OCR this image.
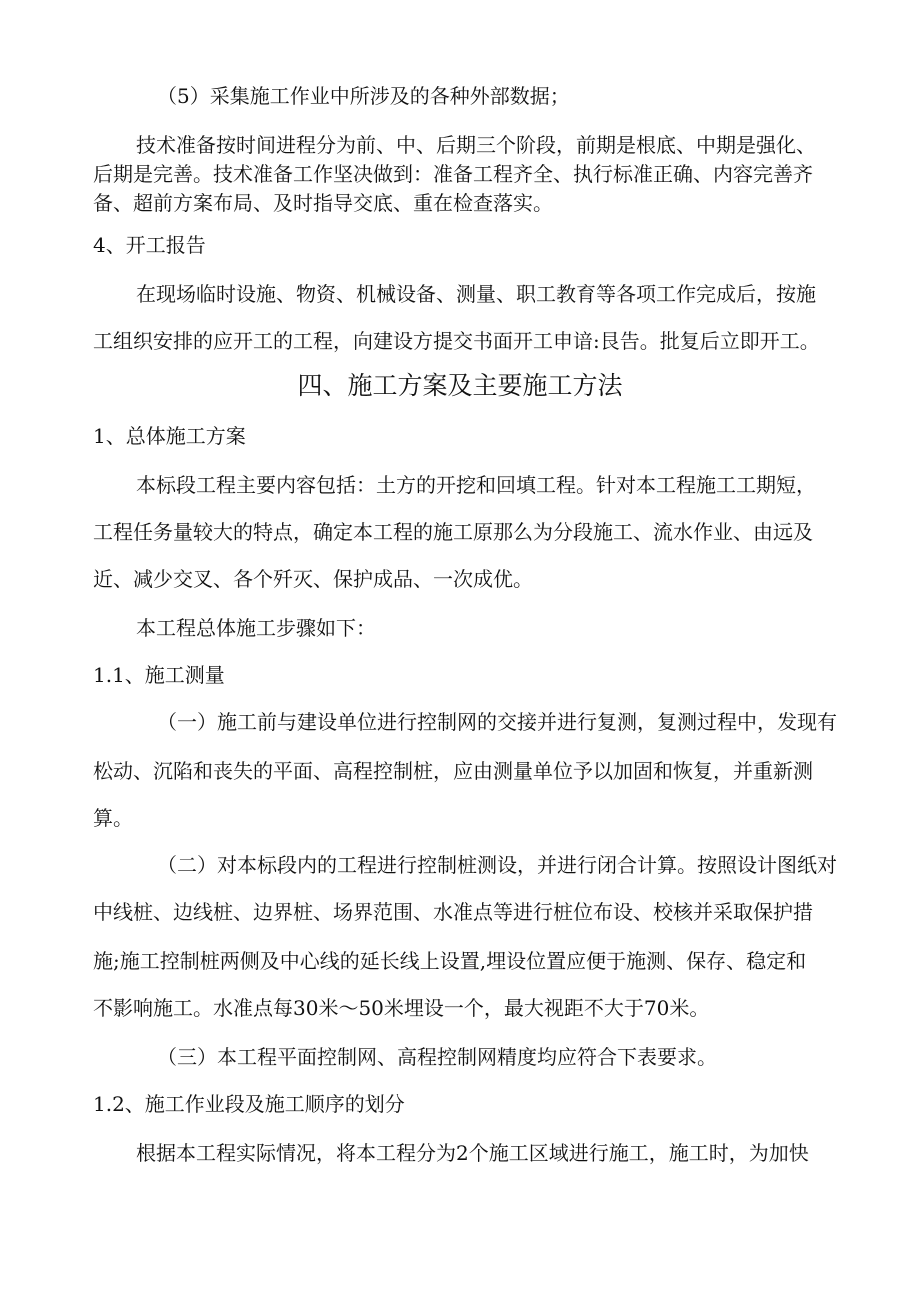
（5）采集施工作业中所涉及的各种外部数据；
技术准备按时间进程分为前、中、后期三个阶段，前期是根底、中期是强化、
后期是完善。技术准备工作坚决做到：准备工程齐全、执行标准正确、内容完善齐
备、超前方案布局、及时指导交底、重在检查落实。
4、开工报告
在现场临时设施、物资、机械设备、测量、职工教育等各项工作完成后，按施
工组织安排的应开工的工程，向建设方提交书面开工申谙:艮告。批复后立即开工。
四、施工方案及主要施工方法
1、总体施工方案
本标段工程主要内容包括：土方的开挖和回填工程。针对本工程施工工期短，
工程任务量较大的特点，确定本工程的施工原那么为分段施工、流水作业、由远及
近、减少交叉、各个歼灭、保护成品、一次成优。
本工程总体施工步骤如下：
1.1、施工测量
（一）施工前与建设单位进行控制网的交接并进行复测，复测过程中，发现有
松动、沉陷和丧失的平面、高程控制桩，应由测量单位予以加固和恢复，并重新测
算。
（二）对本标段内的工程进行控制桩测设，并进行闭合计算。按照设计图纸对
中线桩、边线桩、边界桩、场界范围、水准点等进行桩位布设、校核并采取保护措
施;施工控制桩两侧及中心线的延长线上设置,埋设位置应便于施测、保存、稳定和
不影响施工。水准点每30米～50米埋设一个，最大视距不大于70米。
（三）本工程平面控制网、高程控制网精度均应符合下表要求。
1.2、施工作业段及施工顺序的划分
根据本工程实际情况，将本工程分为2个施工区域进行施工，施工时，为加快
